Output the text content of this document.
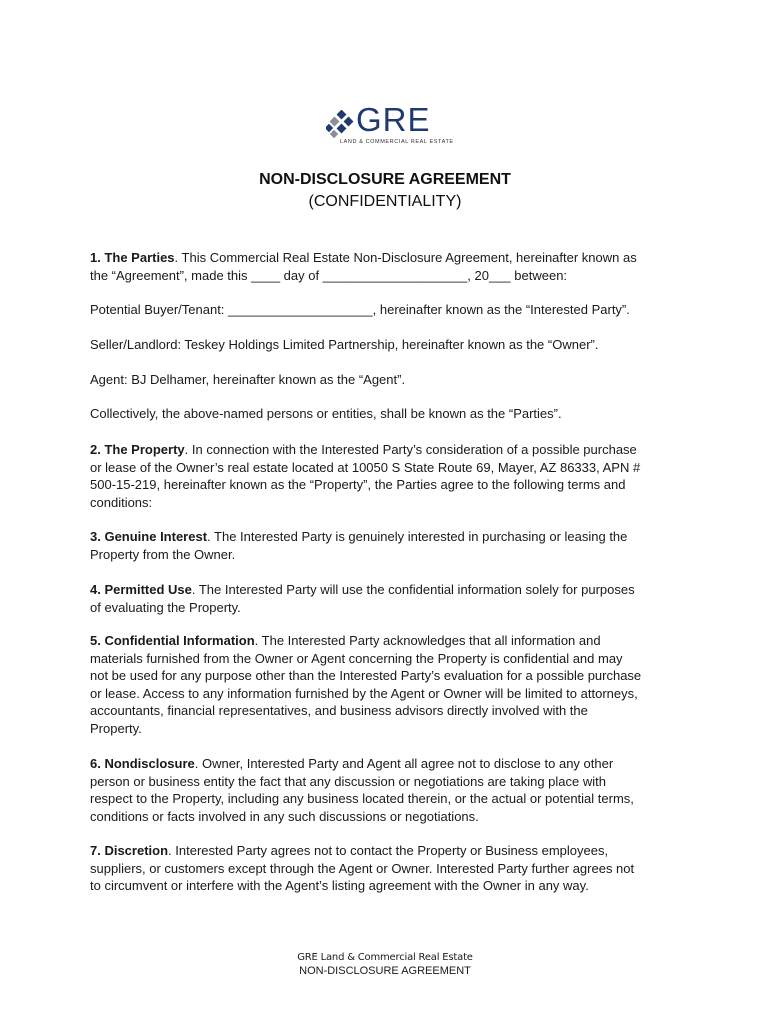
GRE
LAND & COMMERCIAL REAL ESTATE
NON-DISCLOSURE AGREEMENT
(CONFIDENTIALITY)
1. The Parties. This Commercial Real Estate Non-Disclosure Agreement, hereinafter known as
the “Agreement”, made this ____ day of ____________________, 20___ between:
Potential Buyer/Tenant: ____________________, hereinafter known as the “Interested Party”.
Seller/Landlord: Teskey Holdings Limited Partnership, hereinafter known as the “Owner”.
Agent: BJ Delhamer, hereinafter known as the “Agent”.
Collectively, the above-named persons or entities, shall be known as the “Parties”.
2. The Property. In connection with the Interested Party’s consideration of a possible purchase
or lease of the Owner’s real estate located at 10050 S State Route 69, Mayer, AZ 86333, APN #
500-15-219, hereinafter known as the “Property”, the Parties agree to the following terms and
conditions:
3. Genuine Interest. The Interested Party is genuinely interested in purchasing or leasing the
Property from the Owner.
4. Permitted Use. The Interested Party will use the confidential information solely for purposes
of evaluating the Property.
5. Confidential Information. The Interested Party acknowledges that all information and
materials furnished from the Owner or Agent concerning the Property is confidential and may
not be used for any purpose other than the Interested Party’s evaluation for a possible purchase
or lease. Access to any information furnished by the Agent or Owner will be limited to attorneys,
accountants, financial representatives, and business advisors directly involved with the
Property.
6. Nondisclosure. Owner, Interested Party and Agent all agree not to disclose to any other
person or business entity the fact that any discussion or negotiations are taking place with
respect to the Property, including any business located therein, or the actual or potential terms,
conditions or facts involved in any such discussions or negotiations.
7. Discretion. Interested Party agrees not to contact the Property or Business employees,
suppliers, or customers except through the Agent or Owner. Interested Party further agrees not
to circumvent or interfere with the Agent’s listing agreement with the Owner in any way.
GRE Land & Commercial Real Estate
NON-DISCLOSURE AGREEMENT
